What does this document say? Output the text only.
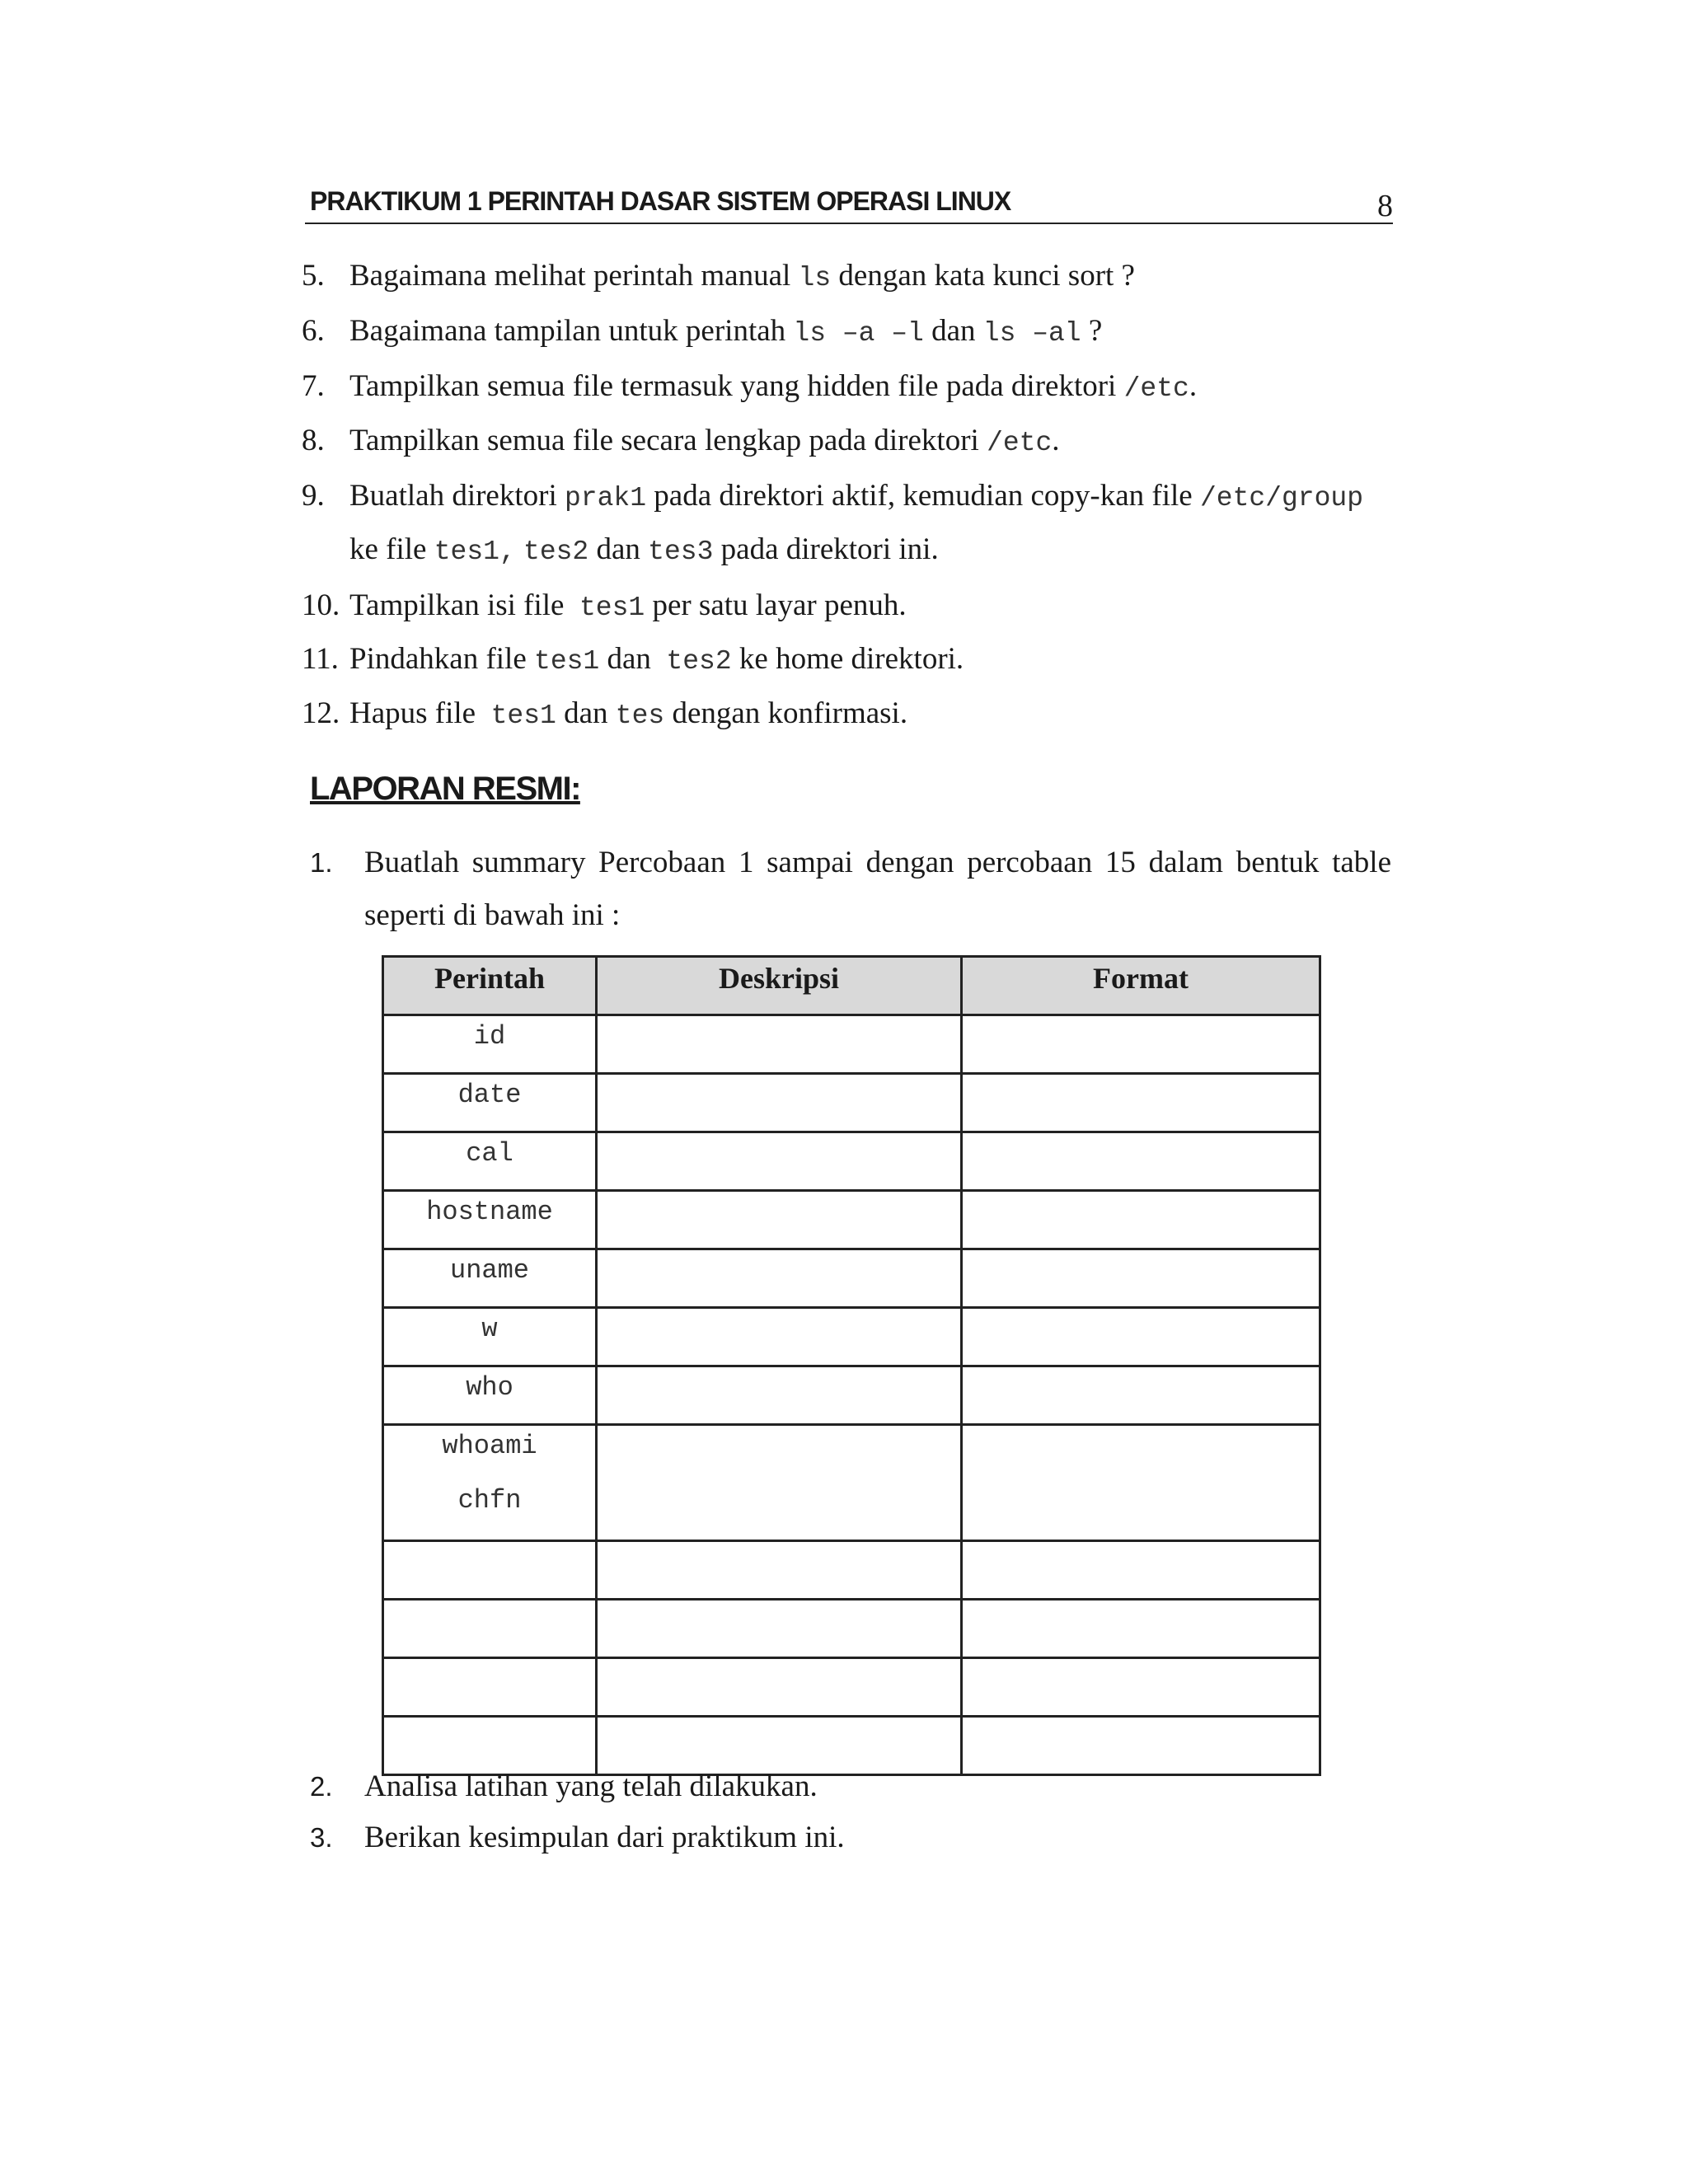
PRAKTIKUM 1 PERINTAH DASAR SISTEM OPERASI LINUX	8
5. Bagaimana melihat perintah manual ls dengan kata kunci sort ?
6. Bagaimana tampilan untuk perintah ls –a –l dan ls –al ?
7. Tampilkan semua file termasuk yang hidden file pada direktori /etc.
8. Tampilkan semua file secara lengkap pada direktori /etc.
9. Buatlah direktori prak1 pada direktori aktif, kemudian copy-kan file /etc/group
ke file tes1, tes2 dan tes3 pada direktori ini.
10. Tampilkan isi file  tes1 per satu layar penuh.
11. Pindahkan file tes1 dan  tes2 ke home direktori.
12. Hapus file  tes1 dan tes dengan konfirmasi.
LAPORAN RESMI:
1. Buatlah summary Percobaan 1 sampai dengan percobaan 15 dalam bentuk table
seperti di bawah ini :
Perintah	Deskripsi	Format

id		

date		

cal		

hostname		

uname		

w		

who		

whoami
chfn		

2. Analisa latihan yang telah dilakukan.
3. Berikan kesimpulan dari praktikum ini.
